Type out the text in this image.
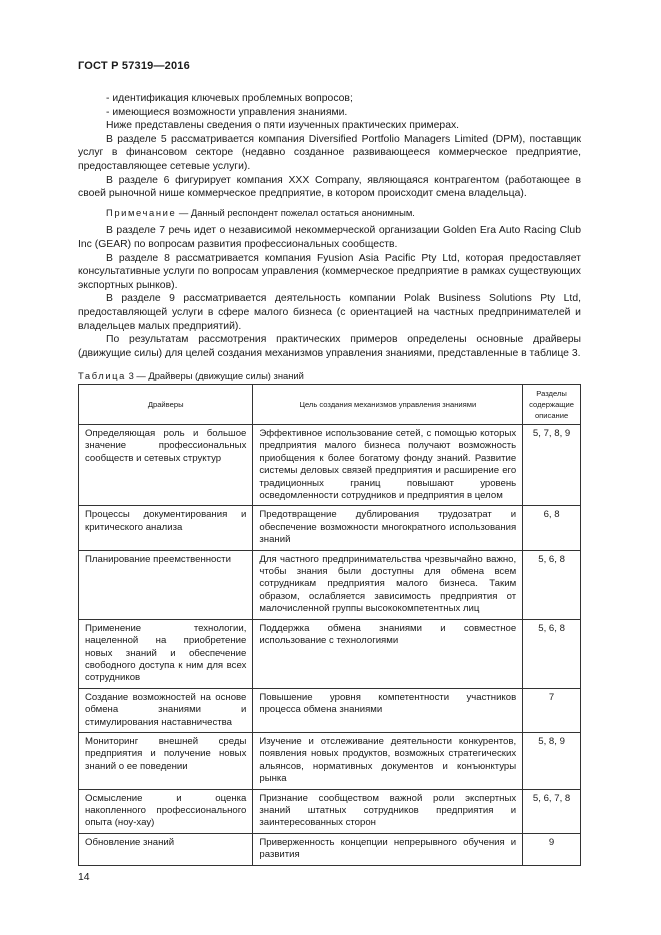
ГОСТ Р 57319—2016

- идентификация ключевых проблемных вопросов;

- имеющиеся возможности управления знаниями.

Ниже представлены сведения о пяти изученных практических примерах.

В разделе 5 рассматривается компания Diversified Portfolio Managers Limited (DPM), поставщик услуг в финансовом секторе (недавно созданное развивающееся коммерческое предприятие, предоставляющее сетевые услуги).

В разделе 6 фигурирует компания XXX Company, являющаяся контрагентом (работающее в своей рыночной нише коммерческое предприятие, в котором происходит смена владельца).

Примечание — Данный респондент пожелал остаться анонимным.

В разделе 7 речь идет о независимой некоммерческой организации Golden Era Auto Racing Club Inc (GEAR) по вопросам развития профессиональных сообществ.

В разделе 8 рассматривается компания Fyusion Asia Pacific Pty Ltd, которая предоставляет консультативные услуги по вопросам управления (коммерческое предприятие в рамках существующих экспортных рынков).

В разделе 9 рассматривается деятельность компании Polak Business Solutions Pty Ltd, предоставляющей услуги в сфере малого бизнеса (с ориентацией на частных предпринимателей и владельцев малых предприятий).

По результатам рассмотрения практических примеров определены основные драйверы (движущие силы) для целей создания механизмов управления знаниями, представленные в таблице 3.

Таблица 3 — Драйверы (движущие силы) знаний
Драйверы	Цель создания механизмов управления знаниями	Разделы содержащие описание
Определяющая роль и большое значение профессиональных сообществ и сетевых структур	Эффективное использование сетей, с помощью которых предприятия малого бизнеса получают возможность приобщения к более богатому фонду знаний. Развитие системы деловых связей предприятия и расширение его традиционных границ повышают уровень осведомленности сотрудников и предприятия в целом	5, 7, 8, 9
Процессы документирования и критического анализа	Предотвращение дублирования трудозатрат и обеспечение возможности многократного использования знаний	6, 8
Планирование преемственности	Для частного предпринимательства чрезвычайно важно, чтобы знания были доступны для обмена всем сотрудникам предприятия малого бизнеса. Таким образом, ослабляется зависимость предприятия от малочисленной группы высококомпетентных лиц	5, 6, 8
Применение технологии, нацеленной на приобретение новых знаний и обеспечение свободного доступа к ним для всех сотрудников	Поддержка обмена знаниями и совместное использование с технологиями	5, 6, 8
Создание возможностей на основе обмена знаниями и стимулирования наставничества	Повышение уровня компетентности участников процесса обмена знаниями	7
Мониторинг внешней среды предприятия и получение новых знаний о ее поведении	Изучение и отслеживание деятельности конкурентов, появления новых продуктов, возможных стратегических альянсов, нормативных документов и конъюнктуры рынка	5, 8, 9
Осмысление и оценка накопленного профессионального опыта (ноу-хау)	Признание сообществом важной роли экспертных знаний штатных сотрудников предприятия и заинтересованных сторон	5, 6, 7, 8
Обновление знаний	Приверженность концепции непрерывного обучения и развития	9
14
